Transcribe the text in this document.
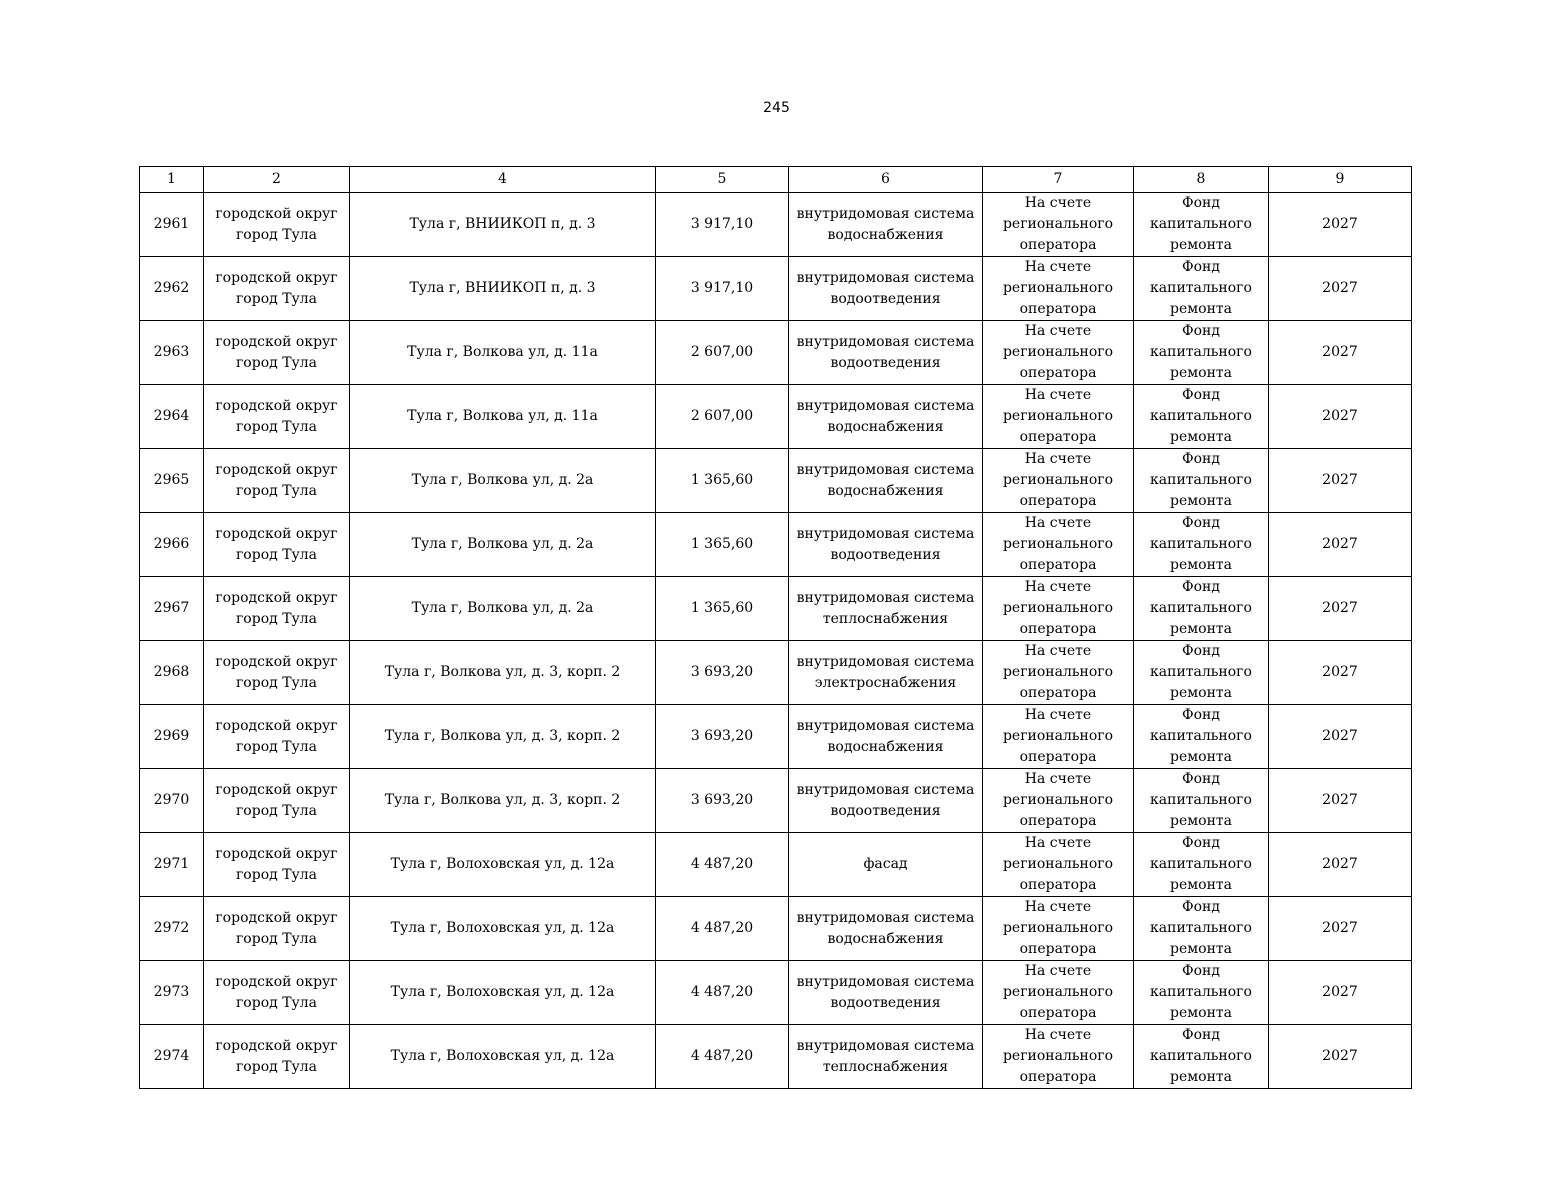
245
1	2	4	5	6	7	8	9
2961	городской округ город Тула	Тула г, ВНИИКОП п, д. 3	3 917,10	внутридомовая система водоснабжения	На счете регионального оператора	Фонд капитального ремонта	2027
2962	городской округ город Тула	Тула г, ВНИИКОП п, д. 3	3 917,10	внутридомовая система водоотведения	На счете регионального оператора	Фонд капитального ремонта	2027
2963	городской округ город Тула	Тула г, Волкова ул, д. 11а	2 607,00	внутридомовая система водоотведения	На счете регионального оператора	Фонд капитального ремонта	2027
2964	городской округ город Тула	Тула г, Волкова ул, д. 11а	2 607,00	внутридомовая система водоснабжения	На счете регионального оператора	Фонд капитального ремонта	2027
2965	городской округ город Тула	Тула г, Волкова ул, д. 2а	1 365,60	внутридомовая система водоснабжения	На счете регионального оператора	Фонд капитального ремонта	2027
2966	городской округ город Тула	Тула г, Волкова ул, д. 2а	1 365,60	внутридомовая система водоотведения	На счете регионального оператора	Фонд капитального ремонта	2027
2967	городской округ город Тула	Тула г, Волкова ул, д. 2а	1 365,60	внутридомовая система теплоснабжения	На счете регионального оператора	Фонд капитального ремонта	2027
2968	городской округ город Тула	Тула г, Волкова ул, д. 3, корп. 2	3 693,20	внутридомовая система электроснабжения	На счете регионального оператора	Фонд капитального ремонта	2027
2969	городской округ город Тула	Тула г, Волкова ул, д. 3, корп. 2	3 693,20	внутридомовая система водоснабжения	На счете регионального оператора	Фонд капитального ремонта	2027
2970	городской округ город Тула	Тула г, Волкова ул, д. 3, корп. 2	3 693,20	внутридомовая система водоотведения	На счете регионального оператора	Фонд капитального ремонта	2027
2971	городской округ город Тула	Тула г, Волоховская ул, д. 12а	4 487,20	фасад	На счете регионального оператора	Фонд капитального ремонта	2027
2972	городской округ город Тула	Тула г, Волоховская ул, д. 12а	4 487,20	внутридомовая система водоснабжения	На счете регионального оператора	Фонд капитального ремонта	2027
2973	городской округ город Тула	Тула г, Волоховская ул, д. 12а	4 487,20	внутридомовая система водоотведения	На счете регионального оператора	Фонд капитального ремонта	2027
2974	городской округ город Тула	Тула г, Волоховская ул, д. 12а	4 487,20	внутридомовая система теплоснабжения	На счете регионального оператора	Фонд капитального ремонта	2027
